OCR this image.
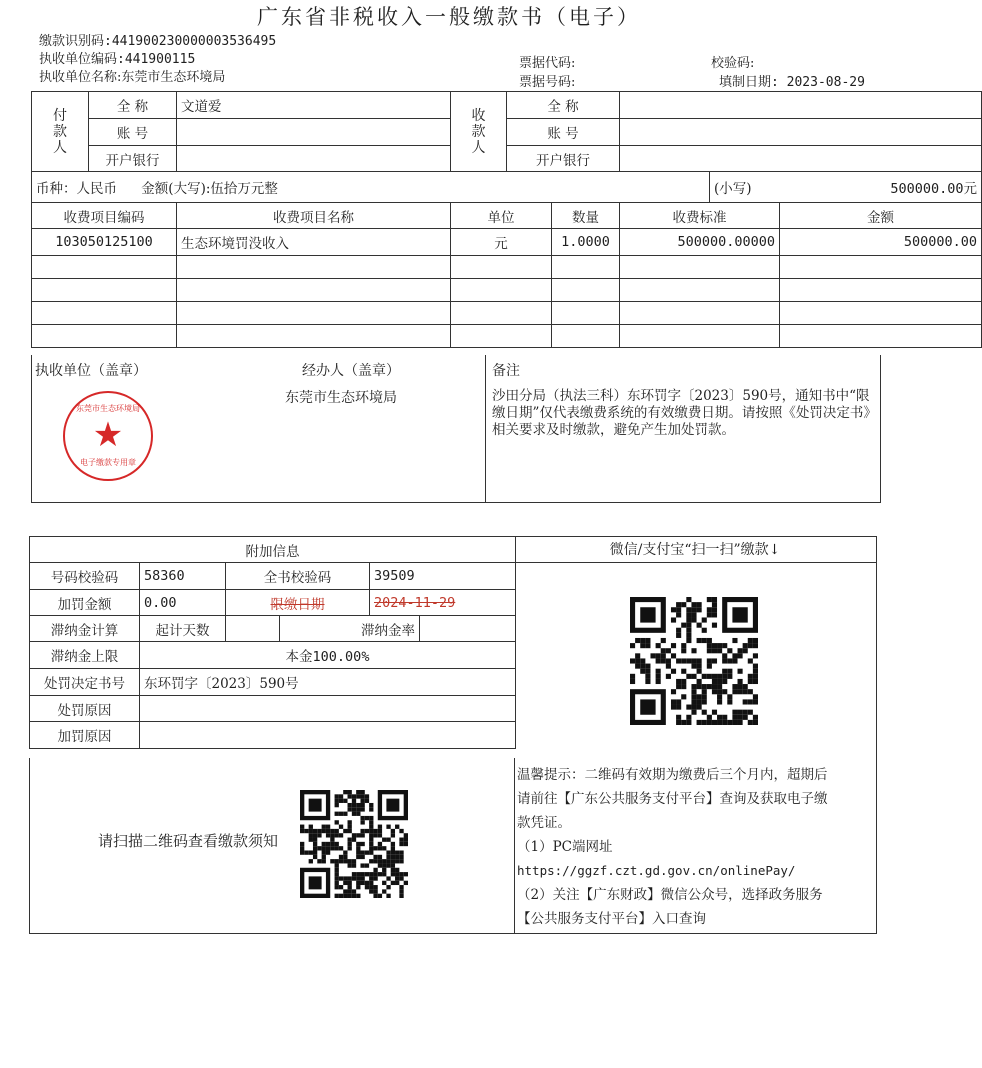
广东省非税收入一般缴款书（电子）
缴款识别码:441900230000003536495
执收单位编码:441900115
执收单位名称:东莞市生态环境局
票据代码:
票据号码:
校验码:
填制日期: 2023-08-29
付款人	全 称	文道爱	收款人	全 称				
	账 号			账 号				
	开户银行			开户银行				
币种：人民币 金额(大写):伍拾万元整							(小写)	500000.00元
收费项目编码		收费项目名称	单位		数量	收费标准		金额
103050125100		生态环境罚没收入	元		1.0000	500000.00000		500000.00

执收单位（盖章）	经办人（盖章）
东莞市生态环境局
备注
沙田分局（执法三科）东环罚字〔2023〕590号，通知书中“限缴日期”仅代表缴费系统的有效缴费日期。请按照《处罚决定书》相关要求及时缴款，避免产生加处罚款。
东莞市生态环境局
★
电子缴款专用章
附加信息					
号码校验码	58360	全书校验码		39509	
加罚金额	0.00	限缴日期		2024-11-29	
滞纳金计算	起计天数		滞纳金率		
滞纳金上限	本金100.00%				
处罚决定书号	东环罚字〔2023〕590号				
处罚原因					
加罚原因					
请扫描二维码查看缴款须知
微信/支付宝“扫一扫”缴款↓
温馨提示：二维码有效期为缴费后三个月内，超期后
请前往【广东公共服务支付平台】查询及获取电子缴
款凭证。
（1）PC端网址
https://ggzf.czt.gd.gov.cn/onlinePay/
（2）关注【广东财政】微信公众号，选择政务服务
【公共服务支付平台】入口查询
